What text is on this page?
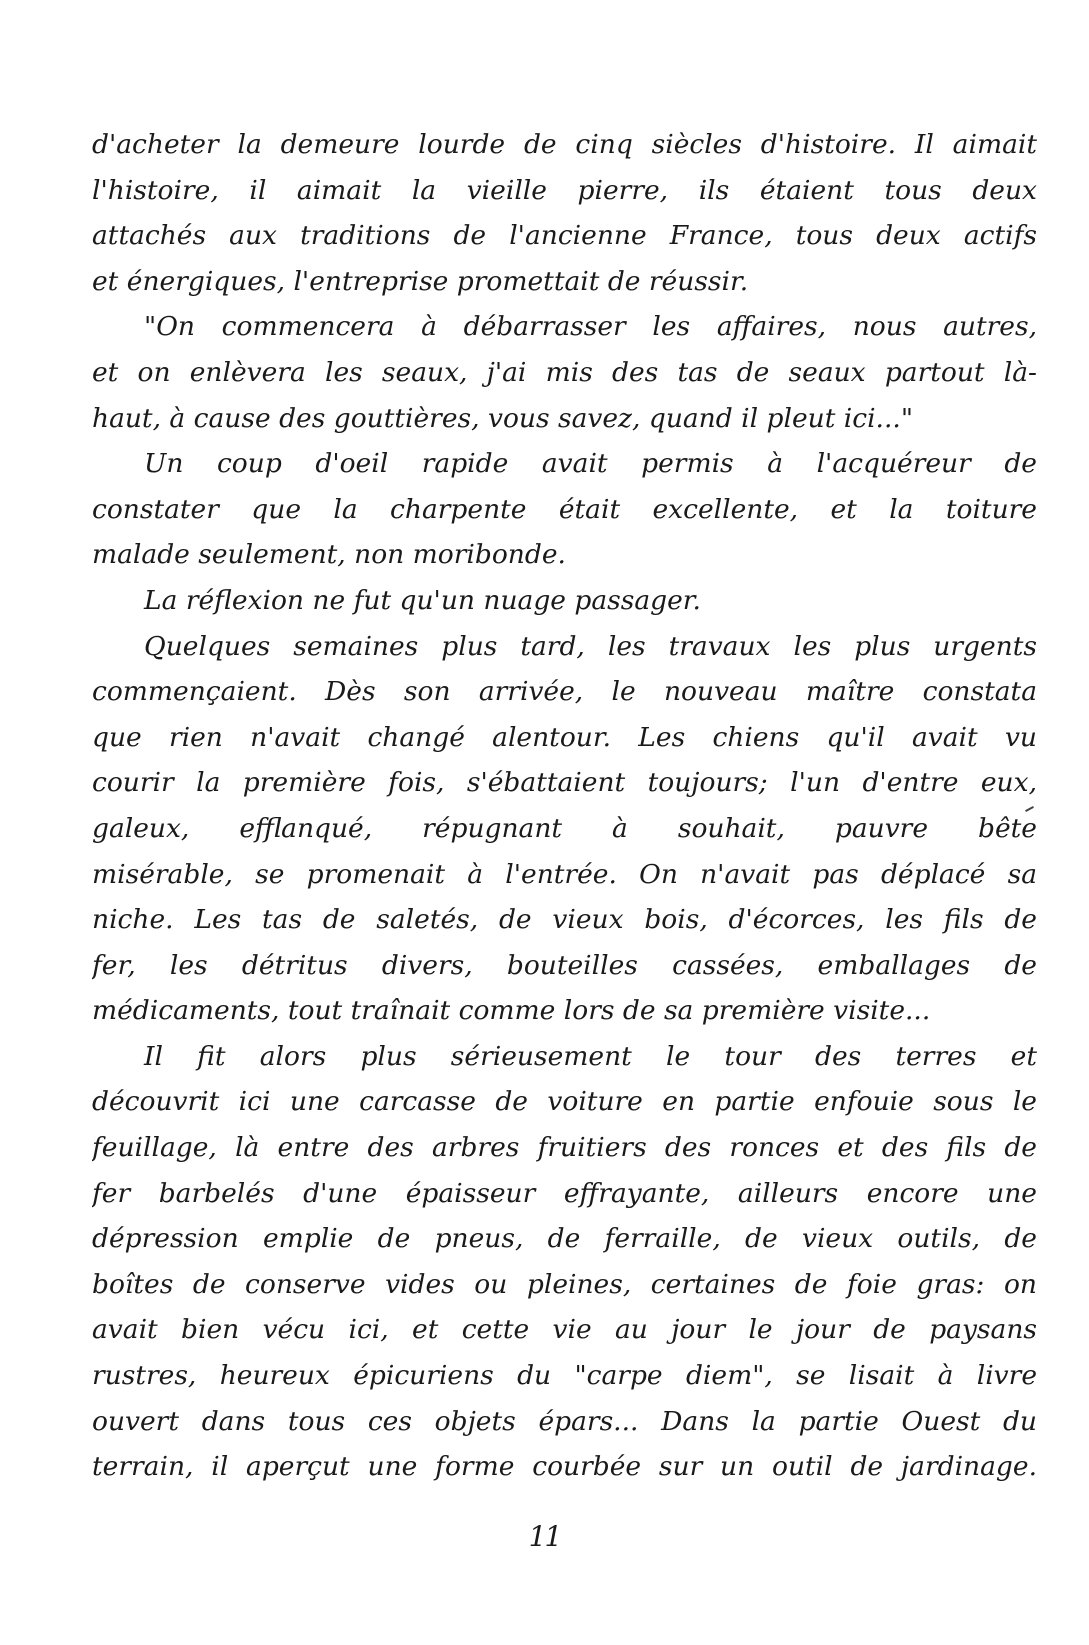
d'acheter la demeure lourde de cinq siècles d'histoire. Il aimait
l'histoire, il aimait la vieille pierre, ils étaient tous deux
attachés aux traditions de l'ancienne France, tous deux actifs
et énergiques, l'entreprise promettait de réussir.
"On commencera à débarrasser les affaires, nous autres,
et on enlèvera les seaux, j'ai mis des tas de seaux partout là-
haut, à cause des gouttières, vous savez, quand il pleut ici..."
Un coup d'oeil rapide avait permis à l'acquéreur de
constater que la charpente était excellente, et la toiture
malade seulement, non moribonde.
La réflexion ne fut qu'un nuage passager.
Quelques semaines plus tard, les travaux les plus urgents
commençaient. Dès son arrivée, le nouveau maître constata
que rien n'avait changé alentour. Les chiens qu'il avait vu
courir la première fois, s'ébattaient toujours; l'un d'entre eux,
galeux, efflanqué, répugnant à souhait, pauvre bête
misérable, se promenait à l'entrée. On n'avait pas déplacé sa
niche. Les tas de saletés, de vieux bois, d'écorces, les fils de
fer, les détritus divers, bouteilles cassées, emballages de
médicaments, tout traînait comme lors de sa première visite...
Il fit alors plus sérieusement le tour des terres et
découvrit ici une carcasse de voiture en partie enfouie sous le
feuillage, là entre des arbres fruitiers des ronces et des fils de
fer barbelés d'une épaisseur effrayante, ailleurs encore une
dépression emplie de pneus, de ferraille, de vieux outils, de
boîtes de conserve vides ou pleines, certaines de foie gras: on
avait bien vécu ici, et cette vie au jour le jour de paysans
rustres, heureux épicuriens du "carpe diem", se lisait à livre
ouvert dans tous ces objets épars... Dans la partie Ouest du
terrain, il aperçut une forme courbée sur un outil de jardinage.
11
